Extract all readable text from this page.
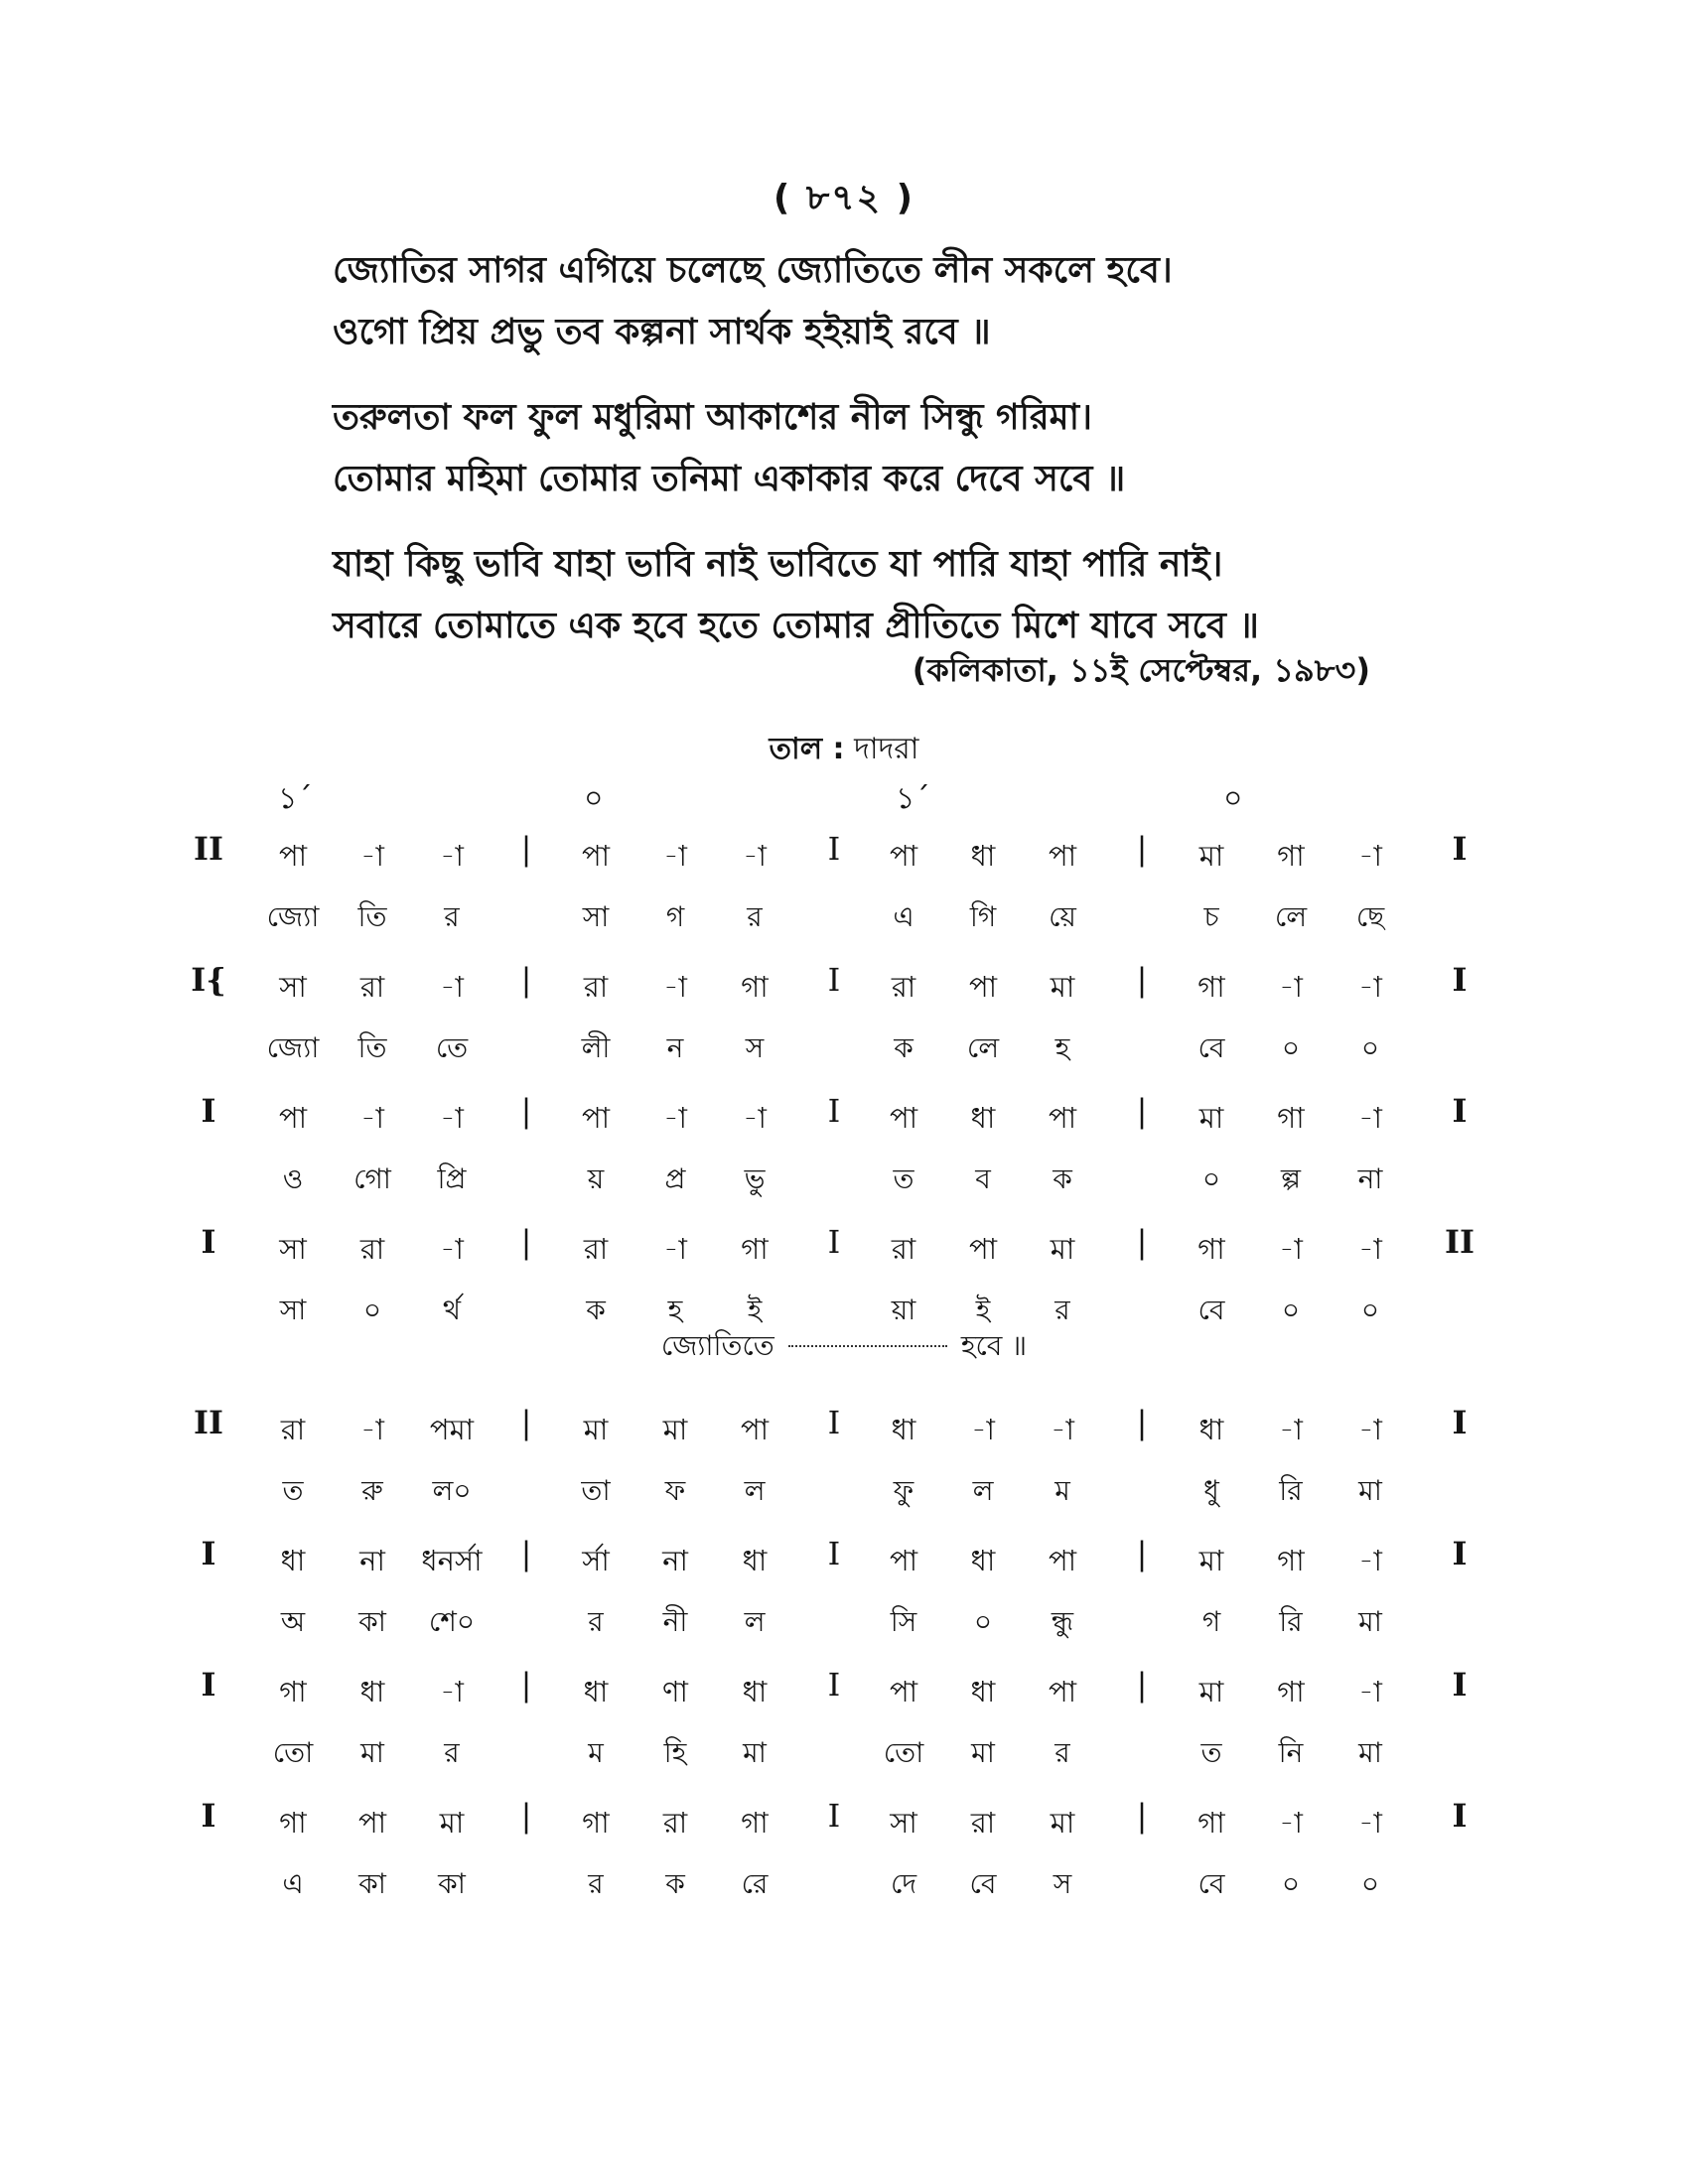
( ৮৭২ )
জ্যোতির সাগর এগিয়ে চলেছে জ্যোতিতে লীন সকলে হবে।
ওগো প্রিয় প্রভু তব কল্পনা সার্থক হইয়াই রবে ॥
তরুলতা ফল ফুল মধুরিমা আকাশের নীল সিন্ধু গরিমা।
তোমার মহিমা তোমার তনিমা একাকার করে দেবে সবে ॥
যাহা কিছু ভাবি যাহা ভাবি নাই ভাবিতে যা পারি যাহা পারি নাই।
সবারে তোমাতে এক হবে হতে তোমার প্রীতিতে মিশে যাবে সবে ॥
(কলিকাতা, ১১ই সেপ্টেম্বর, ১৯৮৩)
তাল : দাদরা
১´	০	১´	০
II পা -া -া | পা -া -া I পা ধা পা | মা গা -া I
জ্যো তি র	সা গ র	এ গি য়ে	চ লে ছে
I{ সা রা -া | রা -া গা I রা পা মা | গা -া -া I
জ্যো তি তে	লী ন স	ক লে হ	বে ০ ০
I পা -া -া | পা -া -া I পা ধা পা | মা গা -া I
ও গো প্রি	য় প্র ভু	ত ব ক	০ ল্প না
I সা রা -া | রা -া গা I রা পা মা | গা -া -া II
সা ০ র্থ	ক হ ই	য়া ই র	বে ০ ০
জ্যোতিতে	হবে ॥
II রা -া পমা | মা মা পা I ধা -া -া | ধা -া -া I
ত রু ল০	তা ফ ল	ফু ল ম	ধু রি মা
I ধা না ধনর্সা | র্সা না ধা I পা ধা পা | মা গা -া I
অ কা শে০	র নী ল	সি ০ ন্ধু	গ রি মা
I গা ধা -া | ধা ণা ধা I পা ধা পা | মা গা -া I
তো মা র	ম হি মা	তো মা র	ত নি মা
I গা পা মা | গা রা গা I সা রা মা | গা -া -া I
এ কা কা	র ক রে	দে বে স	বে ০ ০
